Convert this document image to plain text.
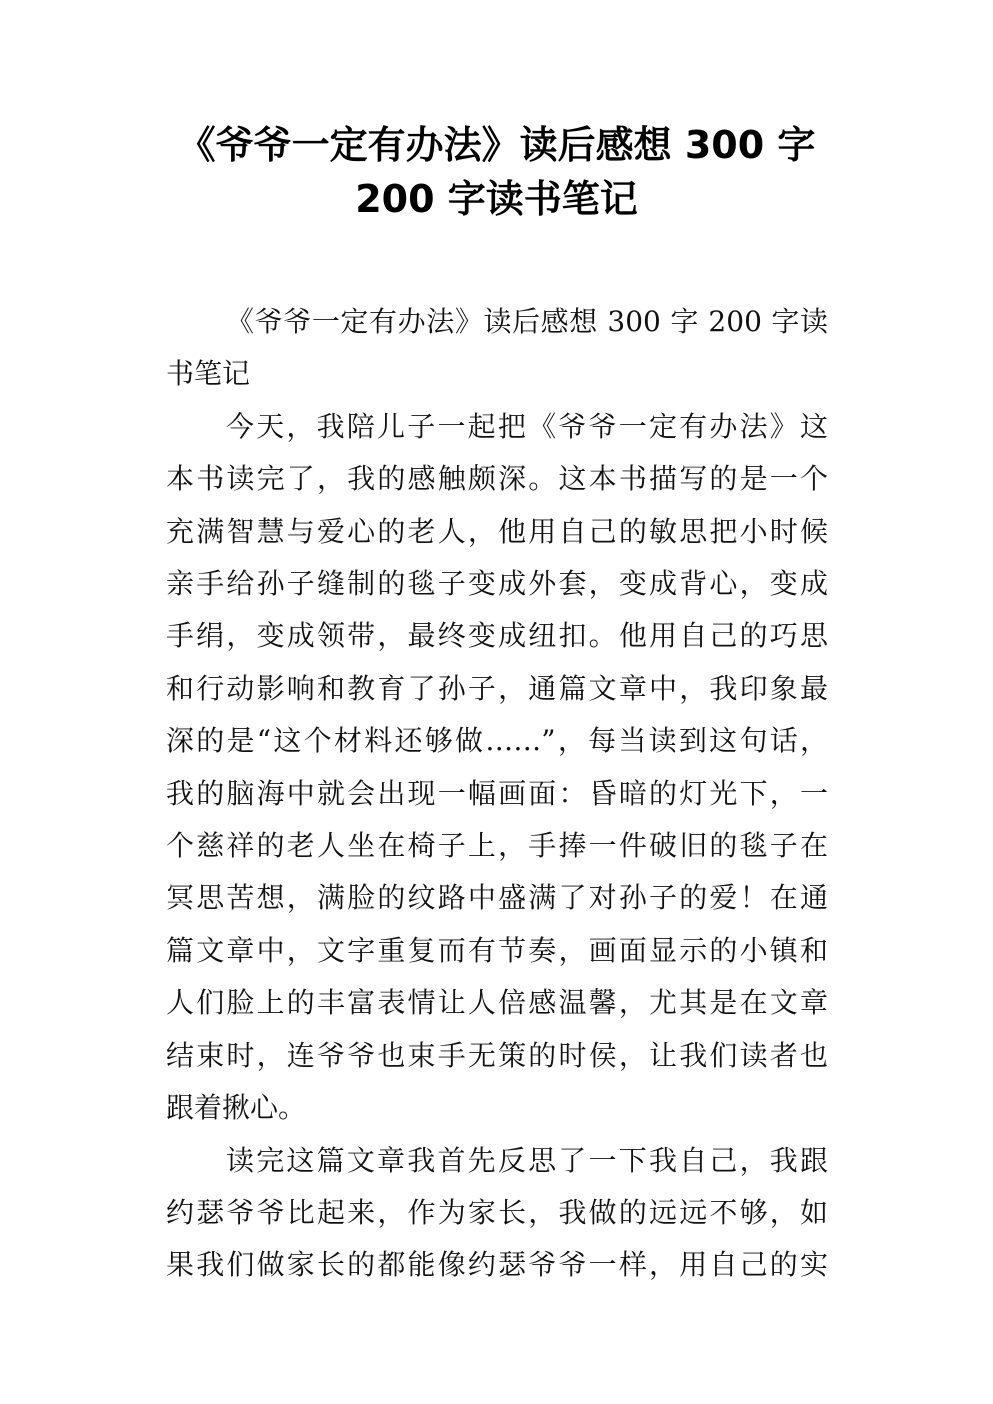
《爷爷一定有办法》读后感想 300 字
200 字读书笔记

《爷爷一定有办法》读后感想 300 字 200 字读
书笔记

今天，我陪儿子一起把《爷爷一定有办法》这
本书读完了，我的感触颇深。这本书描写的是一个
充满智慧与爱心的老人，他用自己的敏思把小时候
亲手给孙子缝制的毯子变成外套，变成背心，变成
手绢，变成领带，最终变成纽扣。他用自己的巧思
和行动影响和教育了孙子，通篇文章中，我印象最
深的是“这个材料还够做……”，每当读到这句话，
我的脑海中就会出现一幅画面：昏暗的灯光下，一
个慈祥的老人坐在椅子上，手捧一件破旧的毯子在
冥思苦想，满脸的纹路中盛满了对孙子的爱！在通
篇文章中，文字重复而有节奏，画面显示的小镇和
人们脸上的丰富表情让人倍感温馨，尤其是在文章
结束时，连爷爷也束手无策的时侯，让我们读者也
跟着揪心。

读完这篇文章我首先反思了一下我自己，我跟
约瑟爷爷比起来，作为家长，我做的远远不够，如
果我们做家长的都能像约瑟爷爷一样，用自己的实
